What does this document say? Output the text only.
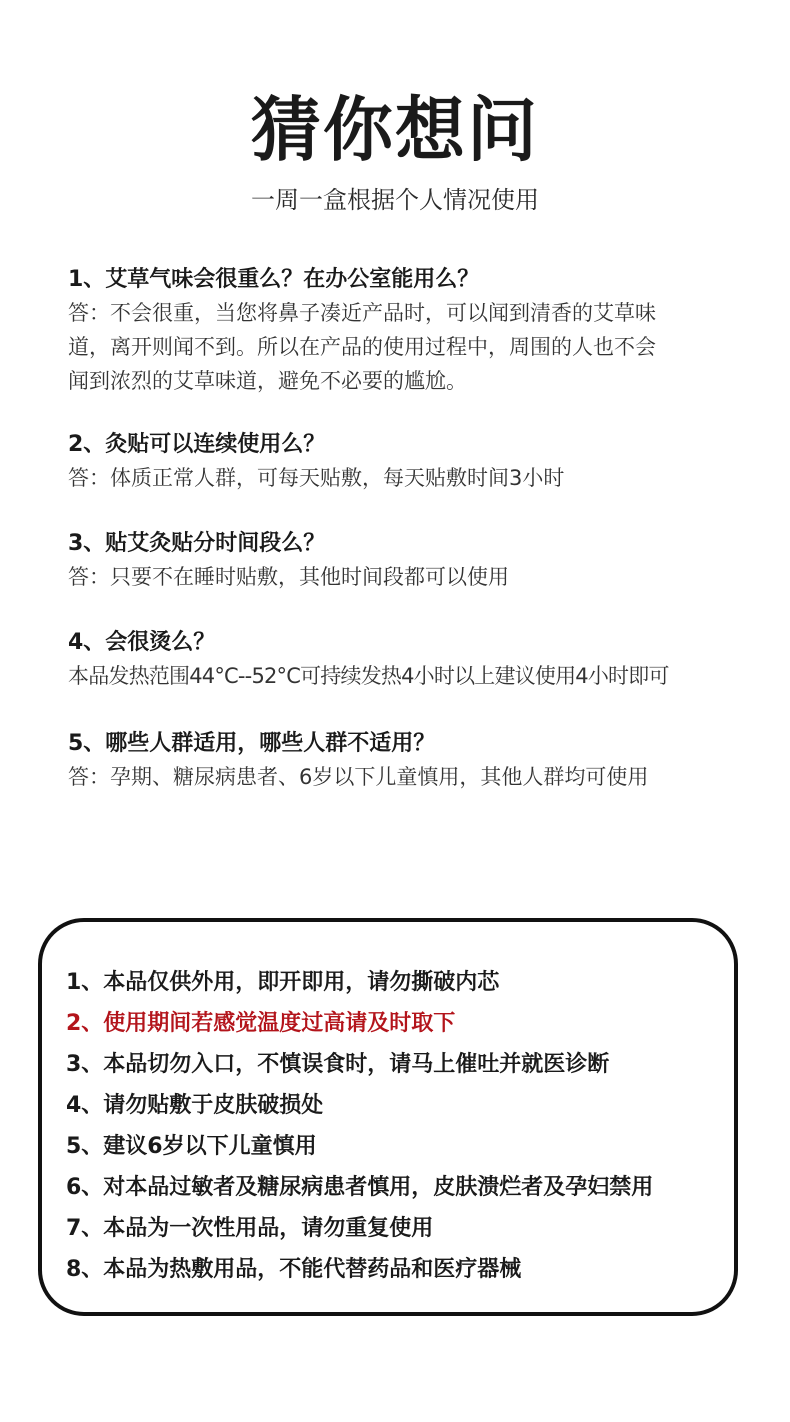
猜你想问
一周一盒根据个人情况使用
1、艾草气味会很重么？在办公室能用么？
答：不会很重，当您将鼻子凑近产品时，可以闻到清香的艾草味
道，离开则闻不到。所以在产品的使用过程中，周围的人也不会
闻到浓烈的艾草味道，避免不必要的尴尬。
2、灸贴可以连续使用么？
答：体质正常人群，可每天贴敷，每天贴敷时间3小时
3、贴艾灸贴分时间段么？
答：只要不在睡时贴敷，其他时间段都可以使用
4、会很烫么？
本品发热范围44°C--52°C可持续发热4小时以上建议使用4小时即可
5、哪些人群适用，哪些人群不适用？
答：孕期、糖尿病患者、6岁以下儿童慎用，其他人群均可使用
1、本品仅供外用，即开即用，请勿撕破内芯
2、使用期间若感觉温度过高请及时取下
3、本品切勿入口，不慎误食时，请马上催吐并就医诊断
4、请勿贴敷于皮肤破损处
5、建议6岁以下儿童慎用
6、对本品过敏者及糖尿病患者慎用，皮肤溃烂者及孕妇禁用
7、本品为一次性用品，请勿重复使用
8、本品为热敷用品，不能代替药品和医疗器械
